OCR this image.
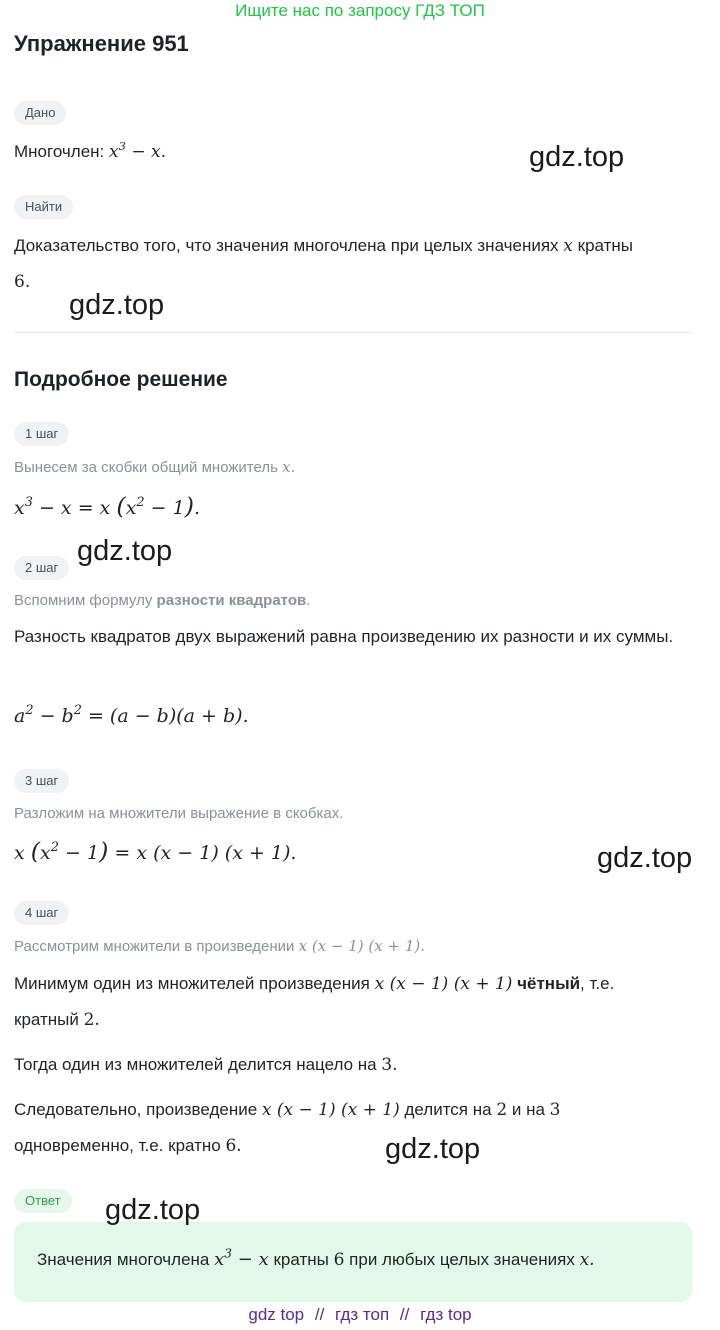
Ищите нас по запросу ГДЗ ТОП
Упражнение 951
Дано
Многочлен: $x^3 - x$.
Найти
Доказательство того, что значения многочлена при целых значениях x кратны
6.
Подробное решение
1 шаг
Вынесем за скобки общий множитель x.
$x^3 - x = x$ $(x^2 - 1)$.
2 шаг
Вспомним формулу разности квадратов.
Разность квадратов двух выражений равна произведению их разности и их суммы.
$a^2 - b^2 = (a - b)(a + b)$.
3 шаг
Разложим на множители выражение в скобках.
x $(x^2 - 1) = x$ (x − 1) (x + 1).
4 шаг
Рассмотрим множители в произведении x (x − 1) (x + 1).
Минимум один из множителей произведения x (x − 1) (x + 1) чётный, т.е.
кратный 2.
Тогда один из множителей делится нацело на 3.
Следовательно, произведение x (x − 1) (x + 1) делится на 2 и на 3
одновременно, т.е. кратно 6.
Ответ
Значения многочлена $x^3 - x$ кратны 6 при любых целых значениях x.
gdz.top
gdz.top
gdz.top
gdz.top
gdz.top
gdz.top
gdz top // гдз топ // гдз top
